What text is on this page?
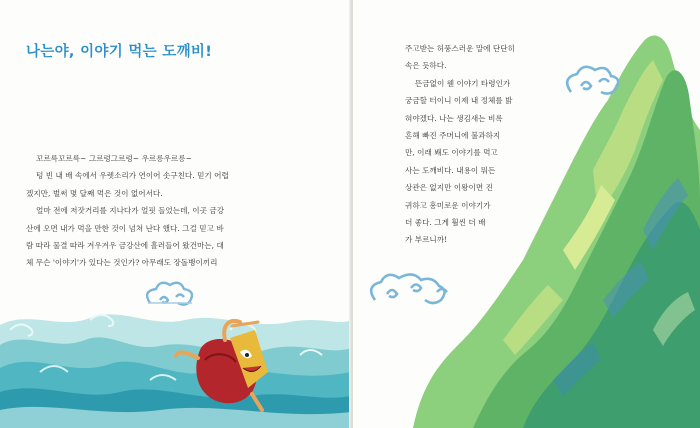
나는야, 이야기 먹는 도깨비!

꼬르륵꼬르륵~ 그르렁그르렁~ 우르릉우르릉~

텅 빈 내 배 속에서 우렛소리가 연이어 솟구친다. 믿기 어렵

겠지만, 벌써 몇 달째 먹은 것이 없어서다.

얼마 전에 저잣거리를 지나다가 얼핏 들었는데, 이곳 금강

산에 오면 내가 먹을 만한 것이 넘쳐 난다 했다. 그걸 믿고 바

람 따라 물결 따라 겨우겨우 금강산에 흘러들어 왔건마는, 대

체 무슨 '이야기'가 있다는 것인가? 아무래도 장돌뱅이끼리

주고받는 허풍스러운 말에 단단히

속은 듯하다.

뜬금없이 웬 이야기 타령인가

궁금할 터이니 이제 내 정체를 밝

혀야겠다. 나는 생김새는 비록

흔해 빠진 주머니에 불과하지

만, 이래 봬도 이야기를 먹고

사는 도깨비다. 내용이 뭐든

상관은 없지만 이왕이면 진

귀하고 흥미로운 이야기가

더 좋다. 그게 훨씬 더 배

가 부르니까!
